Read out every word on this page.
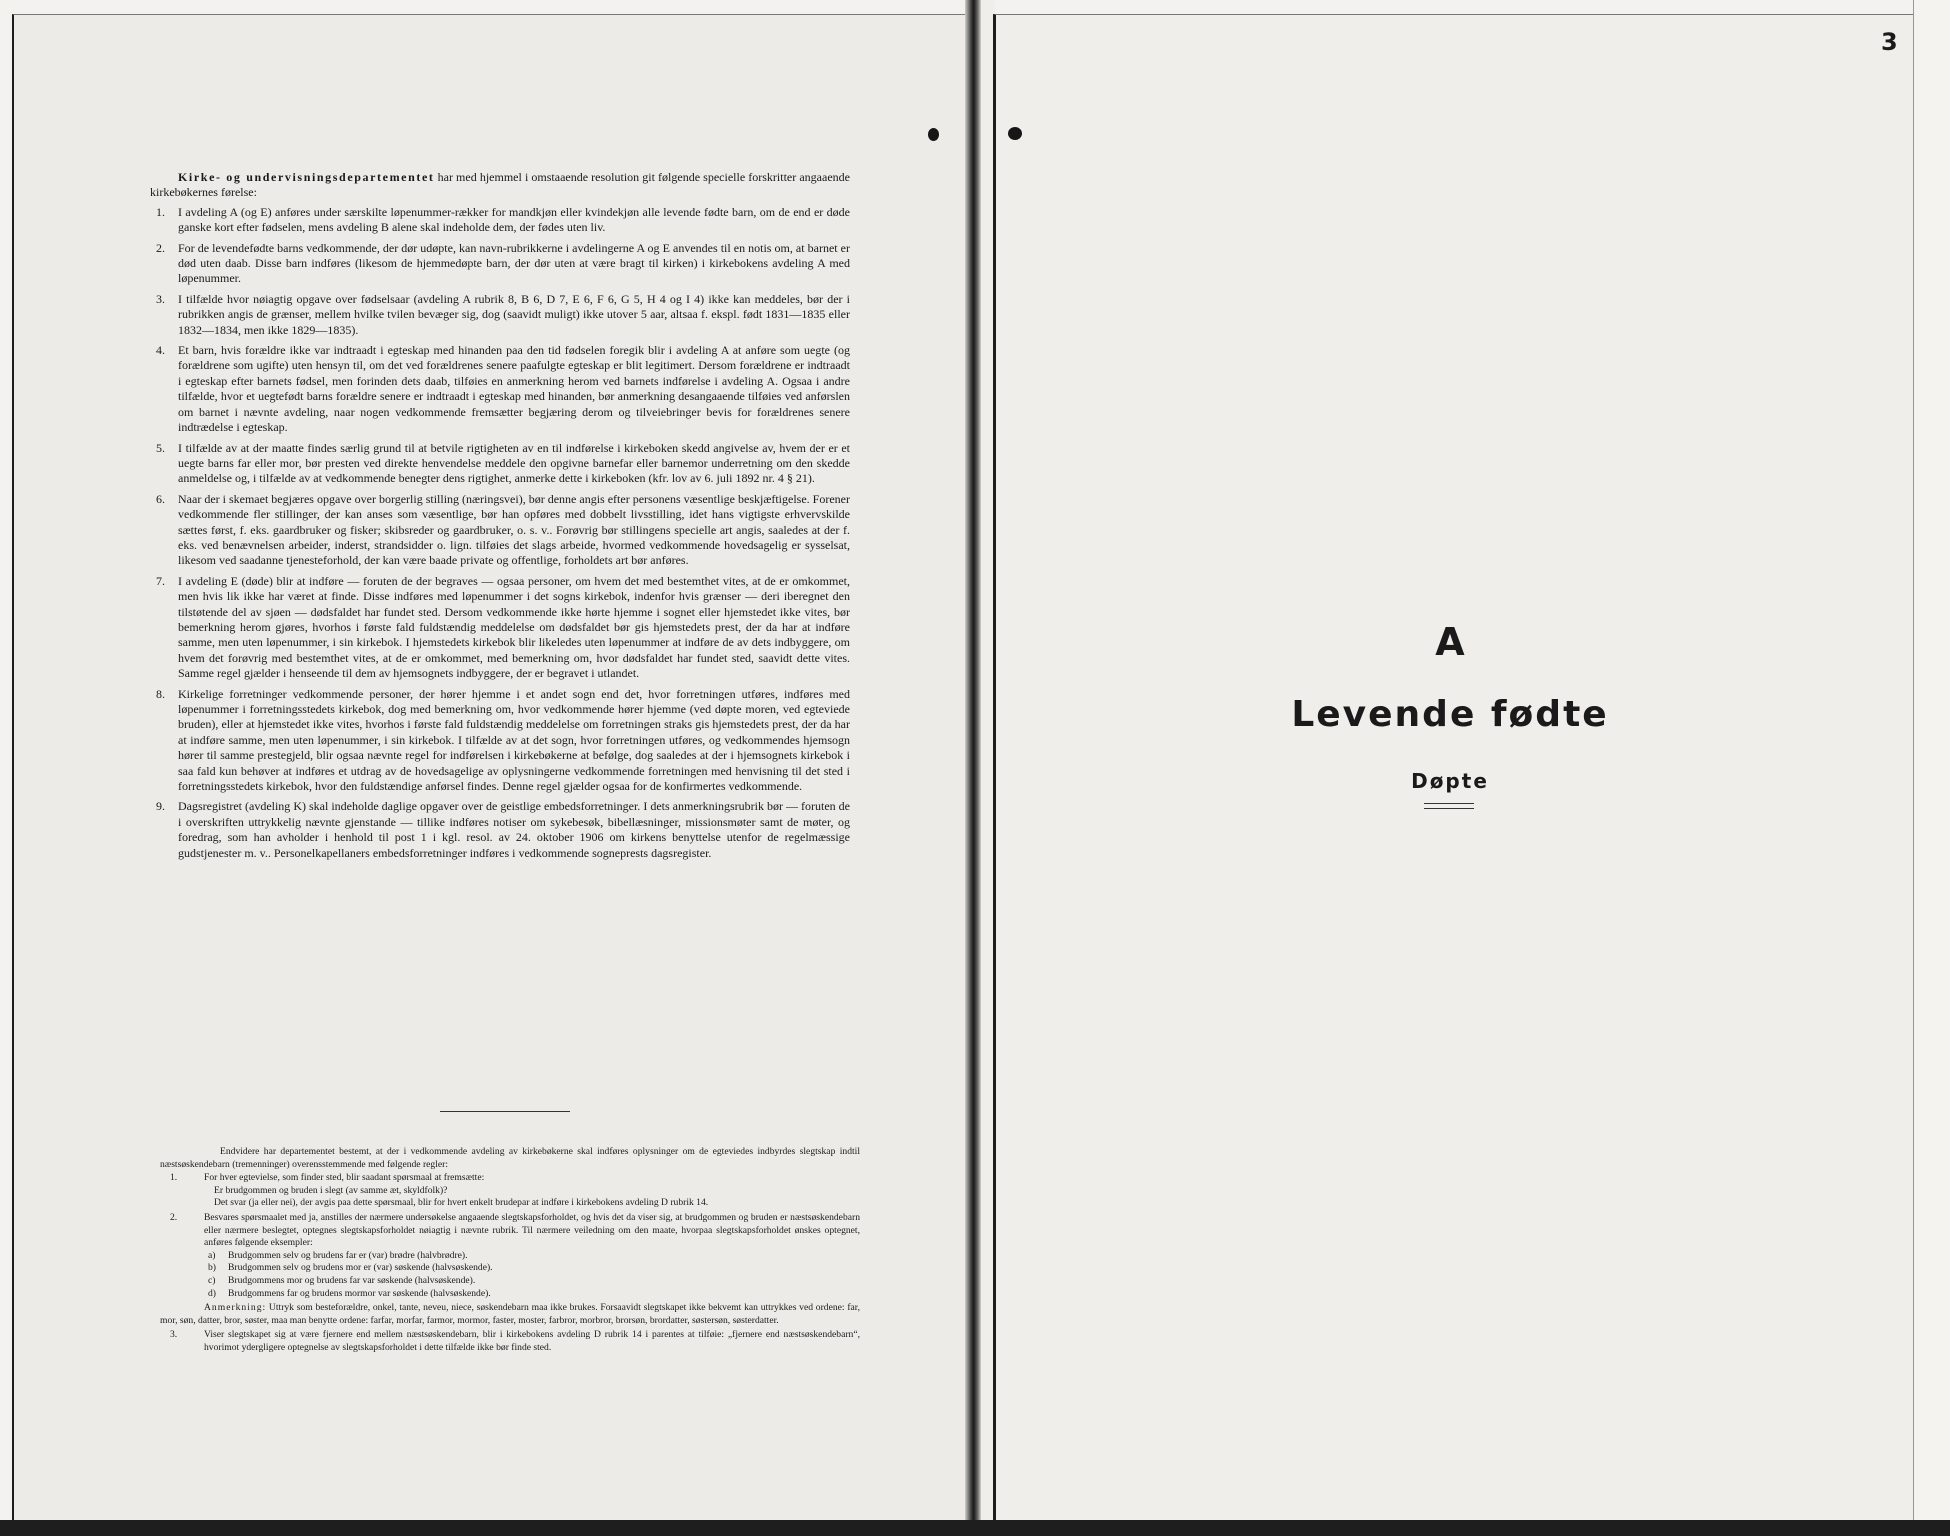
Kirke- og undervisningsdepartementet har med hjemmel i omstaaende resolution git følgende specielle forskritter angaaende kirkebøkernes førelse:

1. I avdeling A (og E) anføres under særskilte løpenummer-rækker for mandkjøn eller kvindekjøn alle levende fødte barn, om de end er døde ganske kort efter fødselen, mens avdeling B alene skal indeholde dem, der fødes uten liv.
2. For de levendefødte barns vedkommende, der dør udøpte, kan navn-rubrikkerne i avdelingerne A og E anvendes til en notis om, at barnet er død uten daab. Disse barn indføres (likesom de hjemmedøpte barn, der dør uten at være bragt til kirken) i kirkebokens avdeling A med løpenummer.
3. I tilfælde hvor nøiagtig opgave over fødselsaar (avdeling A rubrik 8, B 6, D 7, E 6, F 6, G 5, H 4 og I 4) ikke kan meddeles, bør der i rubrikken angis de grænser, mellem hvilke tvilen bevæger sig, dog (saavidt muligt) ikke utover 5 aar, altsaa f. ekspl. født 1831—1835 eller 1832—1834, men ikke 1829—1835).
4. Et barn, hvis forældre ikke var indtraadt i egteskap med hinanden paa den tid fødselen foregik blir i avdeling A at anføre som uegte (og forældrene som ugifte) uten hensyn til, om det ved forældrenes senere paafulgte egteskap er blit legitimert. Dersom forældrene er indtraadt i egteskap efter barnets fødsel, men forinden dets daab, tilføies en anmerkning herom ved barnets indførelse i avdeling A. Ogsaa i andre tilfælde, hvor et uegtefødt barns forældre senere er indtraadt i egteskap med hinanden, bør anmerkning desangaaende tilføies ved anførslen om barnet i nævnte avdeling, naar nogen vedkommende fremsætter begjæring derom og tilveiebringer bevis for forældrenes senere indtrædelse i egteskap.
5. I tilfælde av at der maatte findes særlig grund til at betvile rigtigheten av en til indførelse i kirkeboken skedd angivelse av, hvem der er et uegte barns far eller mor, bør presten ved direkte henvendelse meddele den opgivne barnefar eller barnemor underretning om den skedde anmeldelse og, i tilfælde av at vedkommende benegter dens rigtighet, anmerke dette i kirkeboken (kfr. lov av 6. juli 1892 nr. 4 § 21).
6. Naar der i skemaet begjæres opgave over borgerlig stilling (næringsvei), bør denne angis efter personens væsentlige beskjæftigelse. Forener vedkommende fler stillinger, der kan anses som væsentlige, bør han opføres med dobbelt livsstilling, idet hans vigtigste erhvervskilde sættes først, f. eks. gaardbruker og fisker; skibsreder og gaardbruker, o. s. v.. Forøvrig bør stillingens specielle art angis, saaledes at der f. eks. ved benævnelsen arbeider, inderst, strandsidder o. lign. tilføies det slags arbeide, hvormed vedkommende hovedsagelig er sysselsat, likesom ved saadanne tjenesteforhold, der kan være baade private og offentlige, forholdets art bør anføres.
7. I avdeling E (døde) blir at indføre — foruten de der begraves — ogsaa personer, om hvem det med bestemthet vites, at de er omkommet, men hvis lik ikke har været at finde. Disse indføres med løpenummer i det sogns kirkebok, indenfor hvis grænser — deri iberegnet den tilstøtende del av sjøen — dødsfaldet har fundet sted. Dersom vedkommende ikke hørte hjemme i sognet eller hjemstedet ikke vites, bør bemerkning herom gjøres, hvorhos i første fald fuldstændig meddelelse om dødsfaldet bør gis hjemstedets prest, der da har at indføre samme, men uten løpenummer, i sin kirkebok. I hjemstedets kirkebok blir likeledes uten løpenummer at indføre de av dets indbyggere, om hvem det forøvrig med bestemthet vites, at de er omkommet, med bemerkning om, hvor dødsfaldet har fundet sted, saavidt dette vites. Samme regel gjælder i henseende til dem av hjemsognets indbyggere, der er begravet i utlandet.
8. Kirkelige forretninger vedkommende personer, der hører hjemme i et andet sogn end det, hvor forretningen utføres, indføres med løpenummer i forretningsstedets kirkebok, dog med bemerkning om, hvor vedkommende hører hjemme (ved døpte moren, ved egteviede bruden), eller at hjemstedet ikke vites, hvorhos i første fald fuldstændig meddelelse om forretningen straks gis hjemstedets prest, der da har at indføre samme, men uten løpenummer, i sin kirkebok. I tilfælde av at det sogn, hvor forretningen utføres, og vedkommendes hjemsogn hører til samme prestegjeld, blir ogsaa nævnte regel for indførelsen i kirkebøkerne at befølge, dog saaledes at der i hjemsognets kirkebok i saa fald kun behøver at indføres et utdrag av de hovedsagelige av oplysningerne vedkommende forretningen med henvisning til det sted i forretningsstedets kirkebok, hvor den fuldstændige anførsel findes. Denne regel gjælder ogsaa for de konfirmertes vedkommende.
9. Dagsregistret (avdeling K) skal indeholde daglige opgaver over de geistlige embedsforretninger. I dets anmerkningsrubrik bør — foruten de i overskriften uttrykkelig nævnte gjenstande — tillike indføres notiser om sykebesøk, bibellæsninger, missionsmøter samt de møter, og foredrag, som han avholder i henhold til post 1 i kgl. resol. av 24. oktober 1906 om kirkens benyttelse utenfor de regelmæssige gudstjenester m. v.. Personelkapellaners embedsforretninger indføres i vedkommende sogneprests dagsregister.

Endvidere har departementet bestemt, at der i vedkommende avdeling av kirkebøkerne skal indføres oplysninger om de egteviedes indbyrdes slegtskap indtil næstsøskendebarn (tremenninger) overensstemmende med følgende regler:

1.	For hver egtevielse, som finder sted, blir saadant spørsmaal at fremsætte:
Er brudgommen og bruden i slegt (av samme æt, skyldfolk)?
Det svar (ja eller nei), der avgis paa dette spørsmaal, blir for hvert enkelt brudepar at indføre i kirkebokens avdeling D rubrik 14.
2.	Besvares spørsmaalet med ja, anstilles der nærmere undersøkelse angaaende slegtskapsforholdet, og hvis det da viser sig, at brudgommen og bruden er næstsøskendebarn eller nærmere beslegtet, optegnes slegtskapsforholdet nøiagtig i nævnte rubrik. Til nærmere veiledning om den maate, hvorpaa slegtskapsforholdet ønskes optegnet, anføres følgende eksempler:
a) Brudgommen selv og brudens far er (var) brødre (halvbrødre).
b) Brudgommen selv og brudens mor er (var) søskende (halvsøskende).
c) Brudgommens mor og brudens far var søskende (halvsøskende).
d) Brudgommens far og brudens mormor var søskende (halvsøskende).

Anmerkning: Uttryk som besteforældre, onkel, tante, neveu, niece, søskendebarn maa ikke brukes. Forsaavidt slegtskapet ikke bekvemt kan uttrykkes ved ordene: far, mor, søn, datter, bror, søster, maa man benytte ordene: farfar, morfar, farmor, mormor, faster, moster, farbror, morbror, brorsøn, brordatter, søstersøn, søsterdatter.

3.	Viser slegtskapet sig at være fjernere end mellem næstsøskendebarn, blir i kirkebokens avdeling D rubrik 14 i parentes at tilføie: „fjernere end næstsøskendebarn“, hvorimot ydergligere optegnelse av slegtskapsforholdet i dette tilfælde ikke bør finde sted.
3
A
Levende fødte
Døpte
